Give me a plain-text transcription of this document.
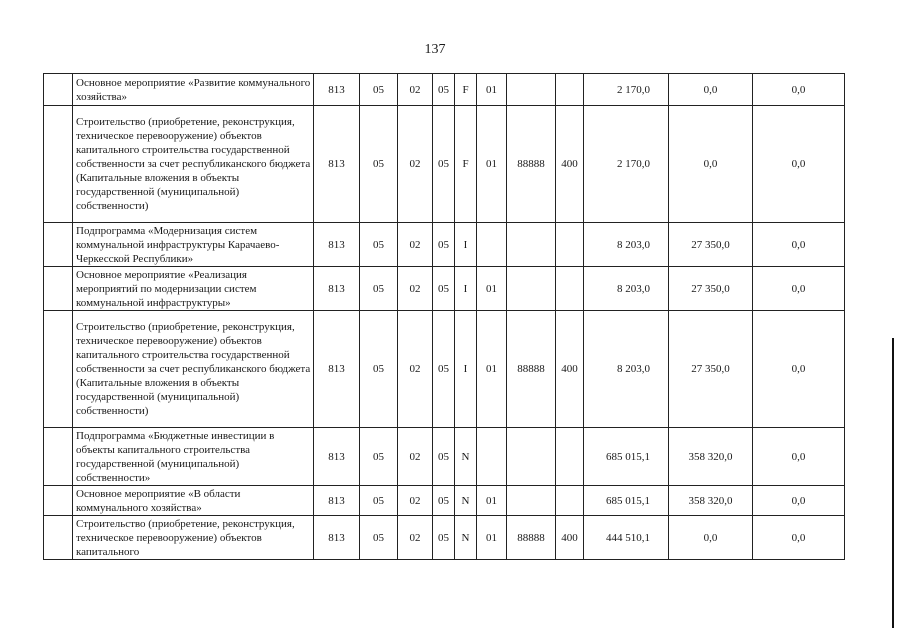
137
	Основное мероприятие «Развитие коммунального хозяйства»	813	05	02	05	F	01			2 170,0	0,0	0,0
	Строительство (приобретение, реконструкция, техническое перевооружение) объектов капитального строительства государственной собственности за счет республиканского бюджета (Капитальные вложения в объекты государственной (муниципальной) собственности)	813	05	02	05	F	01	88888	400	2 170,0	0,0	0,0
	Подпрограмма «Модернизация систем коммунальной инфраструктуры Карачаево-Черкесской Республики»	813	05	02	05	I				8 203,0	27 350,0	0,0
	Основное мероприятие «Реализация мероприятий по модернизации систем коммунальной инфраструктуры»	813	05	02	05	I	01			8 203,0	27 350,0	0,0
	Строительство (приобретение, реконструкция, техническое перевооружение) объектов капитального строительства государственной собственности за счет республиканского бюджета (Капитальные вложения в объекты государственной (муниципальной) собственности)	813	05	02	05	I	01	88888	400	8 203,0	27 350,0	0,0
	Подпрограмма «Бюджетные инвестиции в объекты капитального строительства государственной (муниципальной) собственности»	813	05	02	05	N				685 015,1	358 320,0	0,0
	Основное мероприятие «В области коммунального хозяйства»	813	05	02	05	N	01			685 015,1	358 320,0	0,0
	Строительство (приобретение, реконструкция, техническое перевооружение) объектов капитального	813	05	02	05	N	01	88888	400	444 510,1	0,0	0,0
